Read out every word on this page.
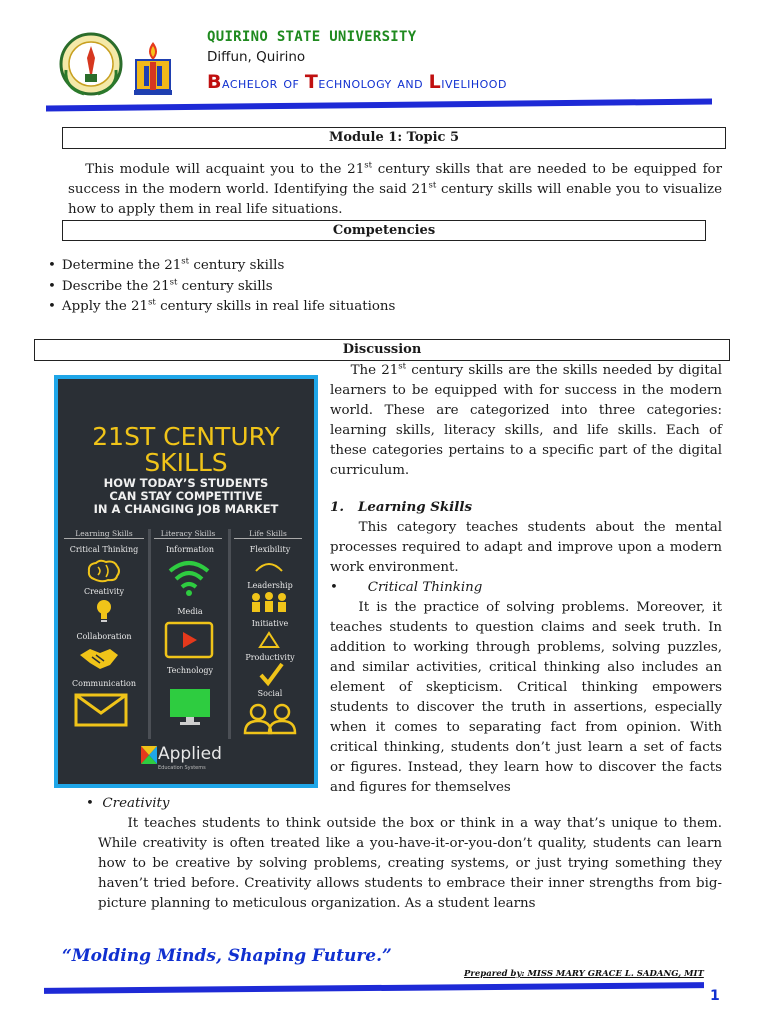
QUIRINO STATE UNIVERSITY
Diffun, Quirino
Bachelor of Technology and Livelihood
Module 1: Topic 5
This module will acquaint you to the 21st century skills that are needed to be equipped for success in the modern world. Identifying the said 21st century skills will enable you to visualize how to apply them in real life situations.
Competencies
• Determine the 21st century skills
• Describe the 21st century skills
• Apply the 21st century skills in real life situations
Discussion
21ST CENTURY
SKILLS
HOW TODAY’S STUDENTS
CAN STAY COMPETITIVE
IN A CHANGING JOB MARKET
Learning Skills	Literacy Skills	Life Skills
Critical Thinking
Creativity
Collaboration
Communication
Information
Media
Technology
Flexibility
Leadership
Initiative
Productivity
Social
Applied
Education Systems
The 21st century skills are the skills needed by digital learners to be equipped with for success in the modern world. These are categorized into three categories: learning skills, literacy skills, and life skills. Each of these categories pertains to a specific part of the digital curriculum.
1. Learning Skills
This category teaches students about the mental processes required to adapt and improve upon a modern work environment.
•       Critical Thinking
It is the practice of solving problems. Moreover, it teaches students to question claims and seek truth. In addition to working through problems, solving puzzles, and similar activities, critical thinking also includes an element of skepticism. Critical thinking empowers students to discover the truth in assertions, especially when it comes to separating fact from opinion. With critical thinking, students don’t just learn a set of facts or figures. Instead, they learn how to discover the facts and figures for themselves
•  Creativity
It teaches students to think outside the box or think in a way that’s unique to them. While creativity is often treated like a you-have-it-or-you-don’t quality, students can learn how to be creative by solving problems, creating systems, or just trying something they haven’t tried before. Creativity allows students to embrace their inner strengths from big-picture planning to meticulous organization. As a student learns
“Molding Minds, Shaping Future.”
Prepared by: MISS MARY GRACE L. SADANG, MIT
1
